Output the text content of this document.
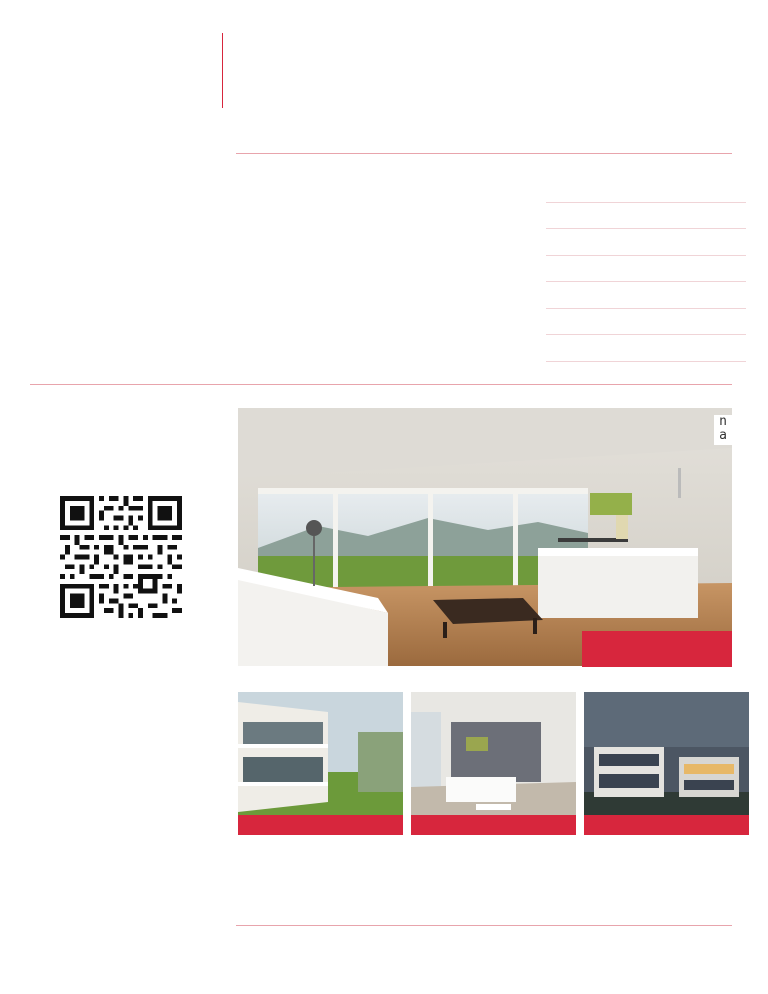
n
a
